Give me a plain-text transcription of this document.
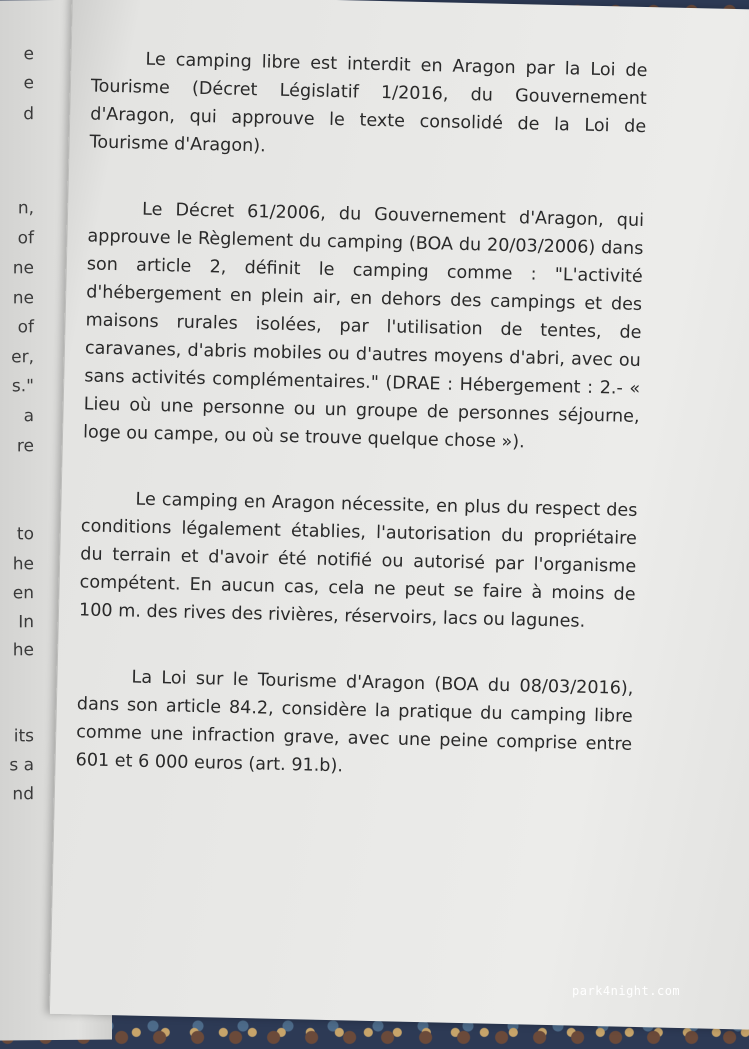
e
e
d
n,
of
ne
ne
of
er,
s."
a
re
to
he
en
In
he
its
s a
nd

Le camping libre est interdit en Aragon par la Loi de Tourisme (Décret Législatif 1/2016, du Gouvernement d'Aragon, qui approuve le texte consolidé de la Loi de Tourisme d'Aragon).

Le Décret 61/2006, du Gouvernement d'Aragon, qui approuve le Règlement du camping (BOA du 20/03/2006) dans son article 2, définit le camping comme : "L'activité d'hébergement en plein air, en dehors des campings et des maisons rurales isolées, par l'utilisation de tentes, de caravanes, d'abris mobiles ou d'autres moyens d'abri, avec ou sans activités complémentaires." (DRAE : Hébergement : 2.- « Lieu où une personne ou un groupe de personnes séjourne, loge ou campe, ou où se trouve quelque chose »).

Le camping en Aragon nécessite, en plus du respect des conditions légalement établies, l'autorisation du propriétaire du terrain et d'avoir été notifié ou autorisé par l'organisme compétent. En aucun cas, cela ne peut se faire à moins de 100 m. des rives des rivières, réservoirs, lacs ou lagunes.

La Loi sur le Tourisme d'Aragon (BOA du 08/03/2016), dans son article 84.2, considère la pratique du camping libre comme une infraction grave, avec une peine comprise entre 601 et 6 000 euros (art. 91.b).

park4night.com
